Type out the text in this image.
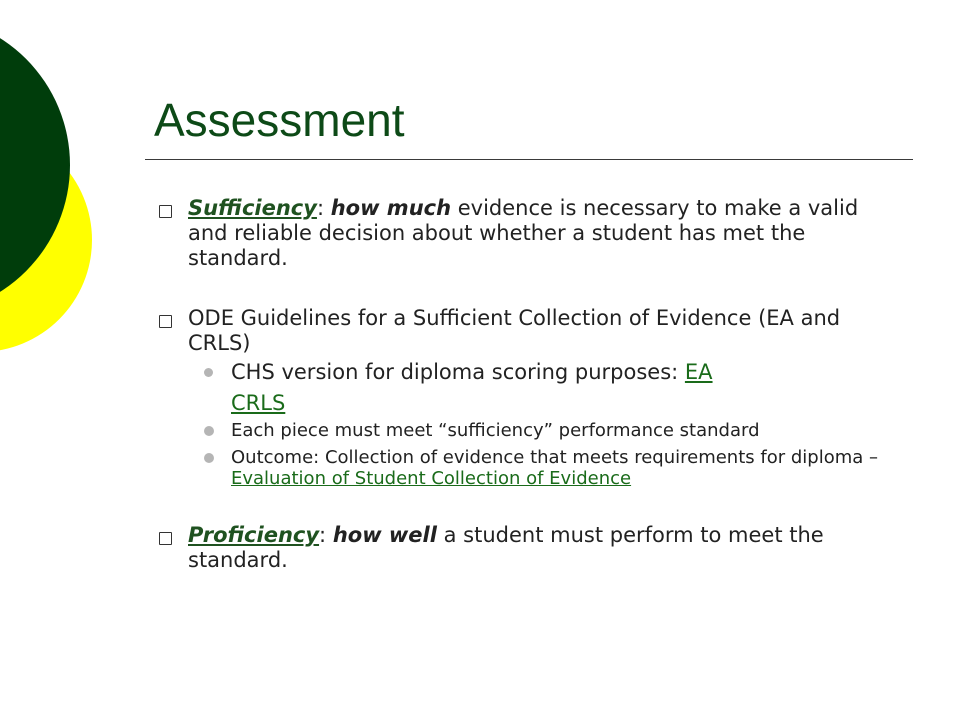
Assessment
Sufficiency: how much evidence is necessary to make a valid and reliable decision about whether a student has met the standard.
ODE Guidelines for a Sufficient Collection of Evidence (EA and CRLS)
CHS version for diploma scoring purposes: EA
CRLS
Each piece must meet “sufficiency” performance standard
Outcome: Collection of evidence that meets requirements for diploma – Evaluation of Student Collection of Evidence
Proficiency: how well a student must perform to meet the standard.
